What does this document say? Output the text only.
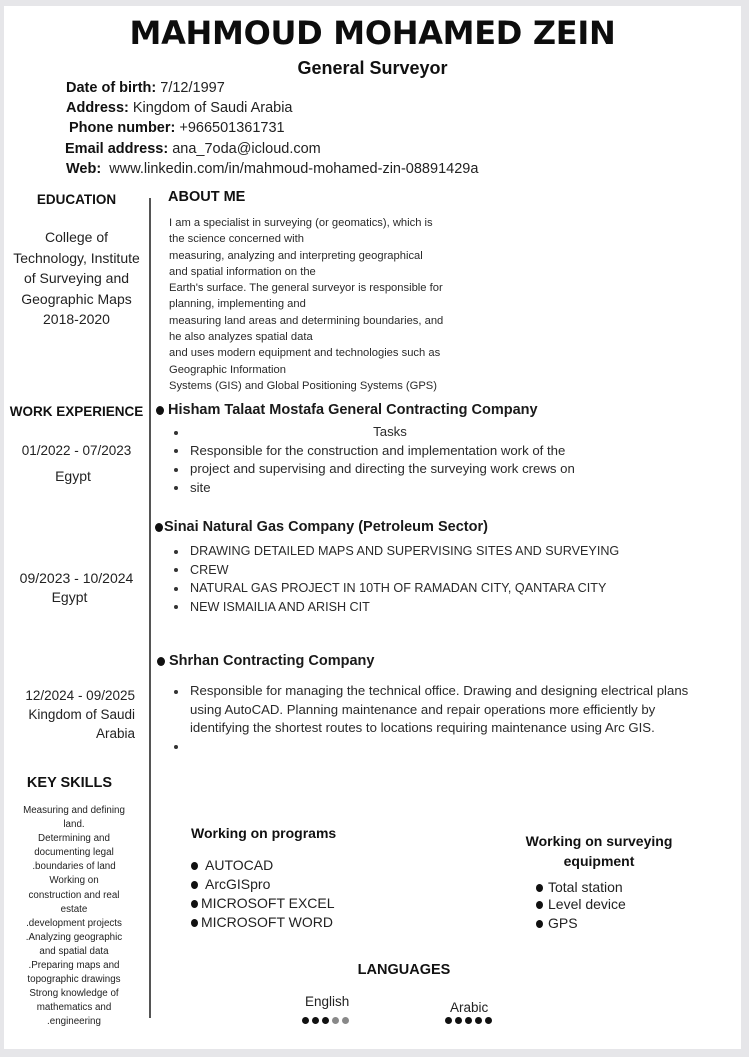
MAHMOUD MOHAMED ZEIN
General Surveyor
Date of birth: 7/12/1997
Address: Kingdom of Saudi Arabia
Phone number: +966501361731
Email address: ana_7oda@icloud.com
Web: www.linkedin.com/in/mahmoud-mohamed-zin-08891429a
EDUCATION
College of
Technology, Institute
of Surveying and
Geographic Maps
2018-2020
WORK EXPERIENCE
01/2022 - 07/2023
Egypt
09/2023 - 10/2024
Egypt
12/2024 - 09/2025
Kingdom of Saudi
Arabia
KEY SKILLS
Measuring and defining
land.
Determining and
documenting legal
.boundaries of land
Working on
construction and real
estate
.development projects
.Analyzing geographic
and spatial data
.Preparing maps and
topographic drawings
Strong knowledge of
mathematics and
.engineering
ABOUT ME
I am a specialist in surveying (or geomatics), which is
the science concerned with
measuring, analyzing and interpreting geographical
and spatial information on the
Earth's surface. The general surveyor is responsible for
planning, implementing and
measuring land areas and determining boundaries, and
he also analyzes spatial data
and uses modern equipment and technologies such as
Geographic Information
Systems (GIS) and Global Positioning Systems (GPS)
Hisham Talaat Mostafa General Contracting Company
Tasks
Responsible for the construction and implementation work of the
project and supervising and directing the surveying work crews on
site
Sinai Natural Gas Company (Petroleum Sector)
DRAWING DETAILED MAPS AND SUPERVISING SITES AND SURVEYING
CREW
NATURAL GAS PROJECT IN 10TH OF RAMADAN CITY, QANTARA CITY
NEW ISMAILIA AND ARISH CIT
Shrhan Contracting Company
Responsible for managing the technical office. Drawing and designing electrical plans using AutoCAD. Planning maintenance and repair operations more efficiently by identifying the shortest routes to locations requiring maintenance using Arc GIS.
Working on programs
AUTOCAD
ArcGISpro
MICROSOFT EXCEL
MICROSOFT WORD
Working on surveying
equipment
Total station
Level device
GPS
LANGUAGES
English	Arabic
